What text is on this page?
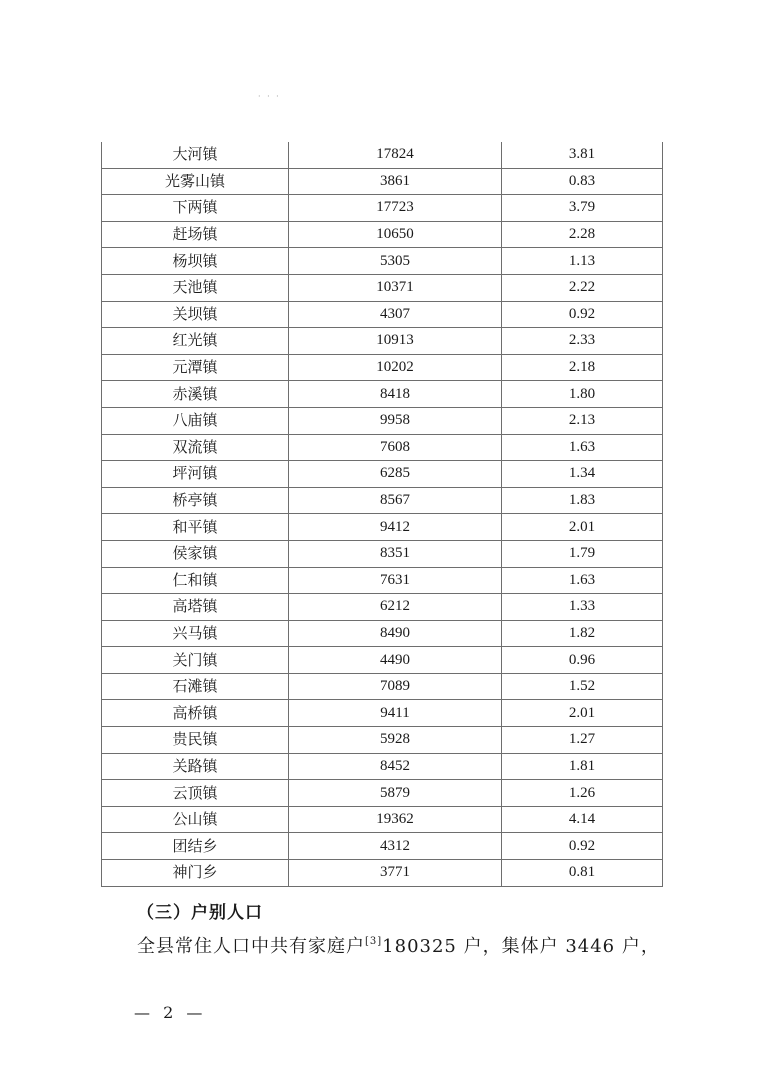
· · ·
大河镇	17824	3.81
光雾山镇	3861	0.83
下两镇	17723	3.79
赶场镇	10650	2.28
杨坝镇	5305	1.13
天池镇	10371	2.22
关坝镇	4307	0.92
红光镇	10913	2.33
元潭镇	10202	2.18
赤溪镇	8418	1.80
八庙镇	9958	2.13
双流镇	7608	1.63
坪河镇	6285	1.34
桥亭镇	8567	1.83
和平镇	9412	2.01
侯家镇	8351	1.79
仁和镇	7631	1.63
高塔镇	6212	1.33
兴马镇	8490	1.82
关门镇	4490	0.96
石滩镇	7089	1.52
高桥镇	9411	2.01
贵民镇	5928	1.27
关路镇	8452	1.81
云顶镇	5879	1.26
公山镇	19362	4.14
团结乡	4312	0.92
神门乡	3771	0.81
（三）户别人口
全县常住人口中共有家庭户[3]180325 户，集体户 3446 户，
— 2 —
